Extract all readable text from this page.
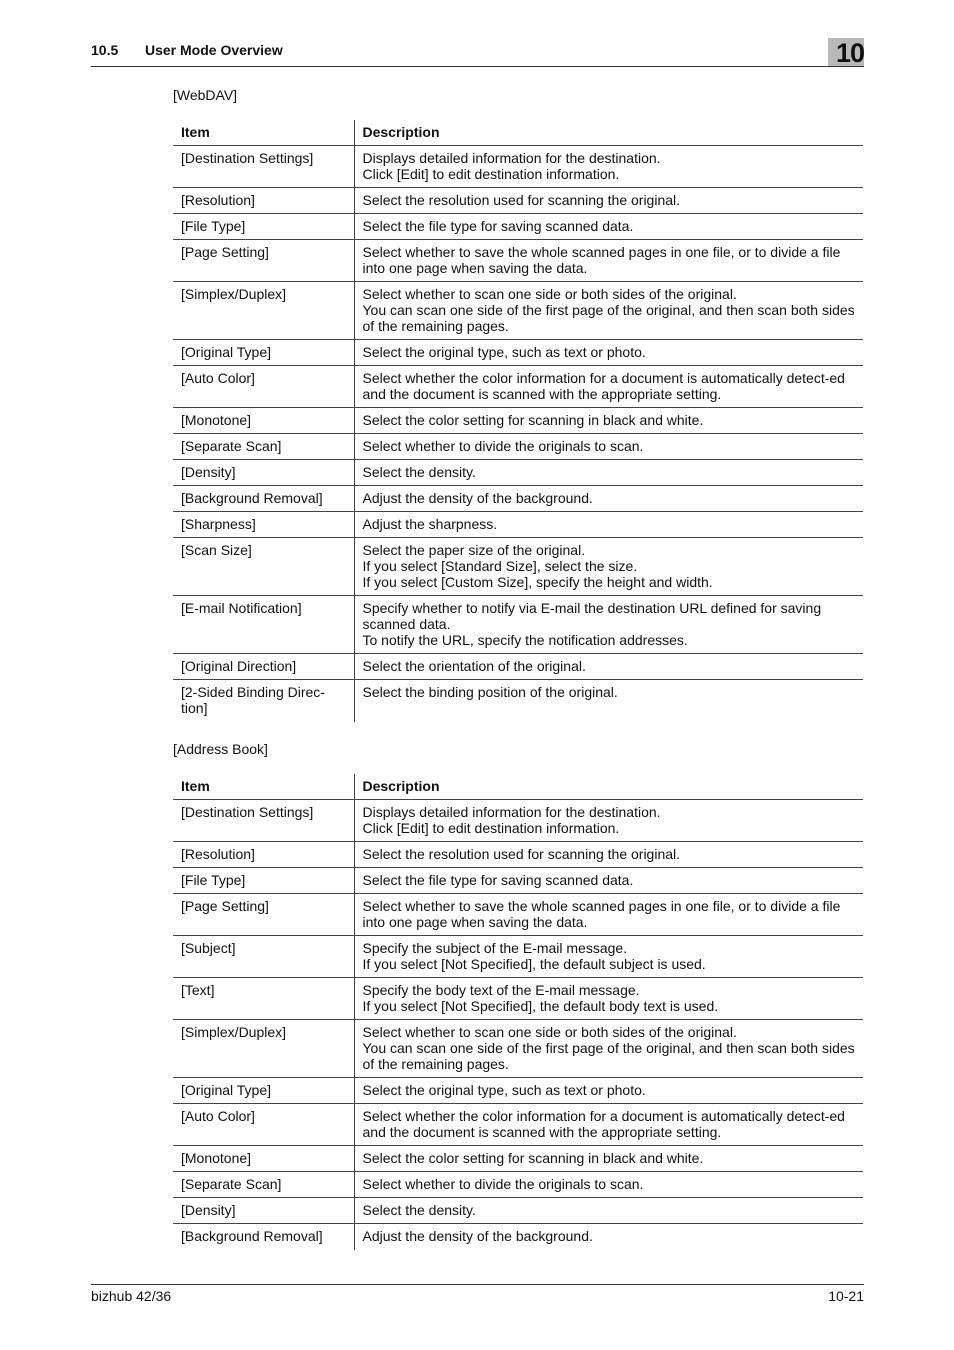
10.5 User Mode Overview	10
[WebDAV]
Item	Description
[Destination Settings]	Displays detailed information for the destination.
Click [Edit] to edit destination information.
[Resolution]	Select the resolution used for scanning the original.
[File Type]	Select the file type for saving scanned data.
[Page Setting]	Select whether to save the whole scanned pages in one file, or to divide a file into one page when saving the data.
[Simplex/Duplex]	Select whether to scan one side or both sides of the original.
You can scan one side of the first page of the original, and then scan both sides of the remaining pages.
[Original Type]	Select the original type, such as text or photo.
[Auto Color]	Select whether the color information for a document is automatically detect-ed and the document is scanned with the appropriate setting.
[Monotone]	Select the color setting for scanning in black and white.
[Separate Scan]	Select whether to divide the originals to scan.
[Density]	Select the density.
[Background Removal]	Adjust the density of the background.
[Sharpness]	Adjust the sharpness.
[Scan Size]	Select the paper size of the original.
If you select [Standard Size], select the size.
If you select [Custom Size], specify the height and width.
[E-mail Notification]	Specify whether to notify via E-mail the destination URL defined for saving scanned data.
To notify the URL, specify the notification addresses.
[Original Direction]	Select the orientation of the original.
[2-Sided Binding Direc-tion]	Select the binding position of the original.
[Address Book]
Item	Description
[Destination Settings]	Displays detailed information for the destination.
Click [Edit] to edit destination information.
[Resolution]	Select the resolution used for scanning the original.
[File Type]	Select the file type for saving scanned data.
[Page Setting]	Select whether to save the whole scanned pages in one file, or to divide a file into one page when saving the data.
[Subject]	Specify the subject of the E-mail message.
If you select [Not Specified], the default subject is used.
[Text]	Specify the body text of the E-mail message.
If you select [Not Specified], the default body text is used.
[Simplex/Duplex]	Select whether to scan one side or both sides of the original.
You can scan one side of the first page of the original, and then scan both sides of the remaining pages.
[Original Type]	Select the original type, such as text or photo.
[Auto Color]	Select whether the color information for a document is automatically detect-ed and the document is scanned with the appropriate setting.
[Monotone]	Select the color setting for scanning in black and white.
[Separate Scan]	Select whether to divide the originals to scan.
[Density]	Select the density.
[Background Removal]	Adjust the density of the background.
bizhub 42/36	10-21
